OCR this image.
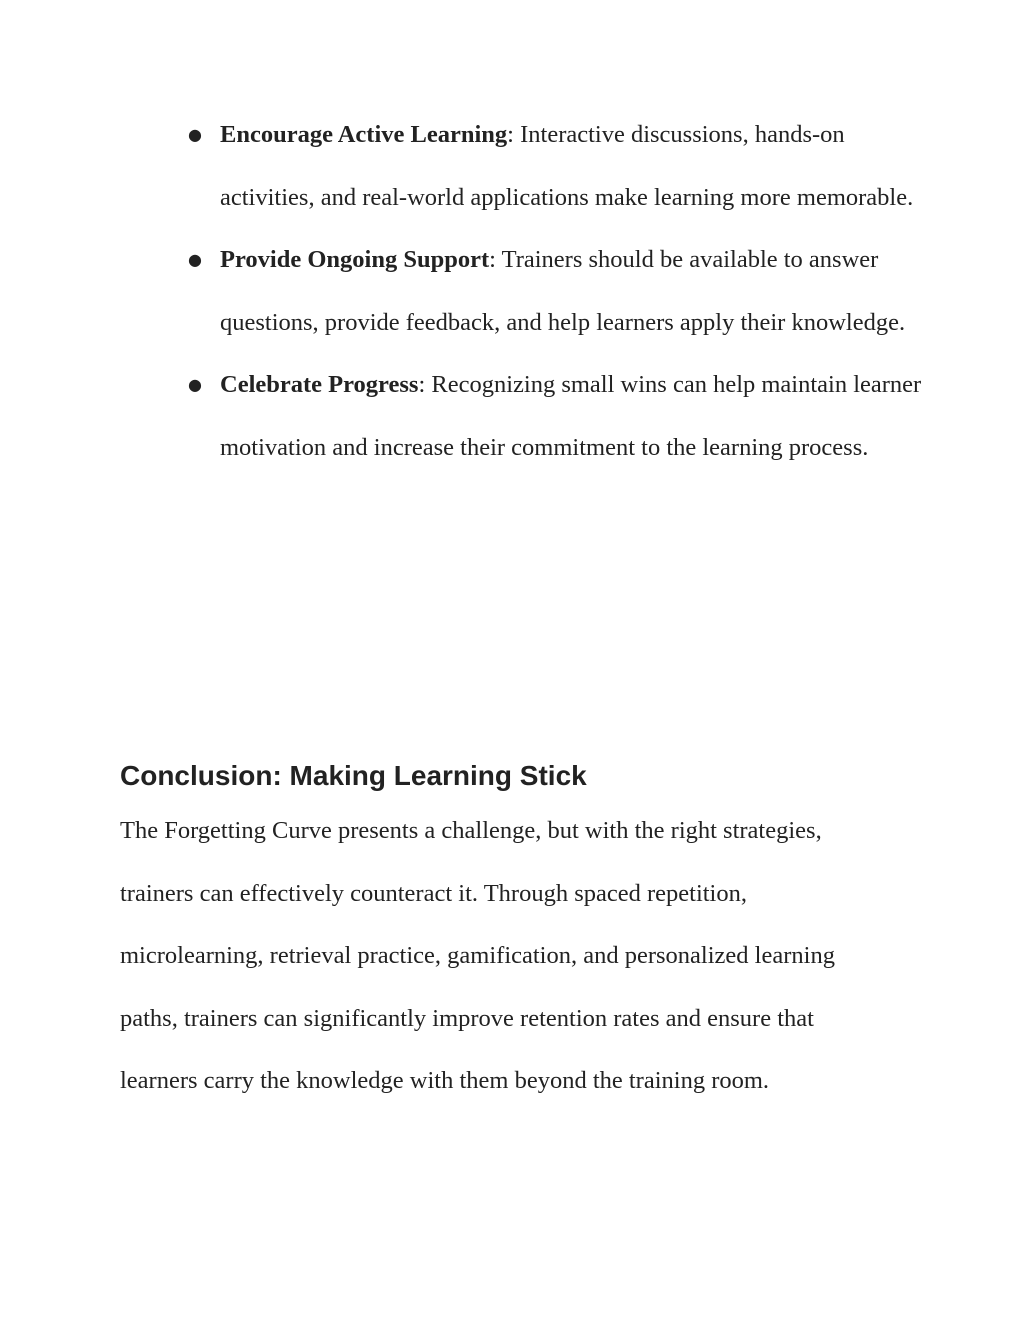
● Encourage Active Learning: Interactive discussions, hands-on activities, and real-world applications make learning more memorable.
● Provide Ongoing Support: Trainers should be available to answer questions, provide feedback, and help learners apply their knowledge.
● Celebrate Progress: Recognizing small wins can help maintain learner motivation and increase their commitment to the learning process.
Conclusion: Making Learning Stick

The Forgetting Curve presents a challenge, but with the right strategies, trainers can effectively counteract it. Through spaced repetition, microlearning, retrieval practice, gamification, and personalized learning paths, trainers can significantly improve retention rates and ensure that learners carry the knowledge with them beyond the training room.
